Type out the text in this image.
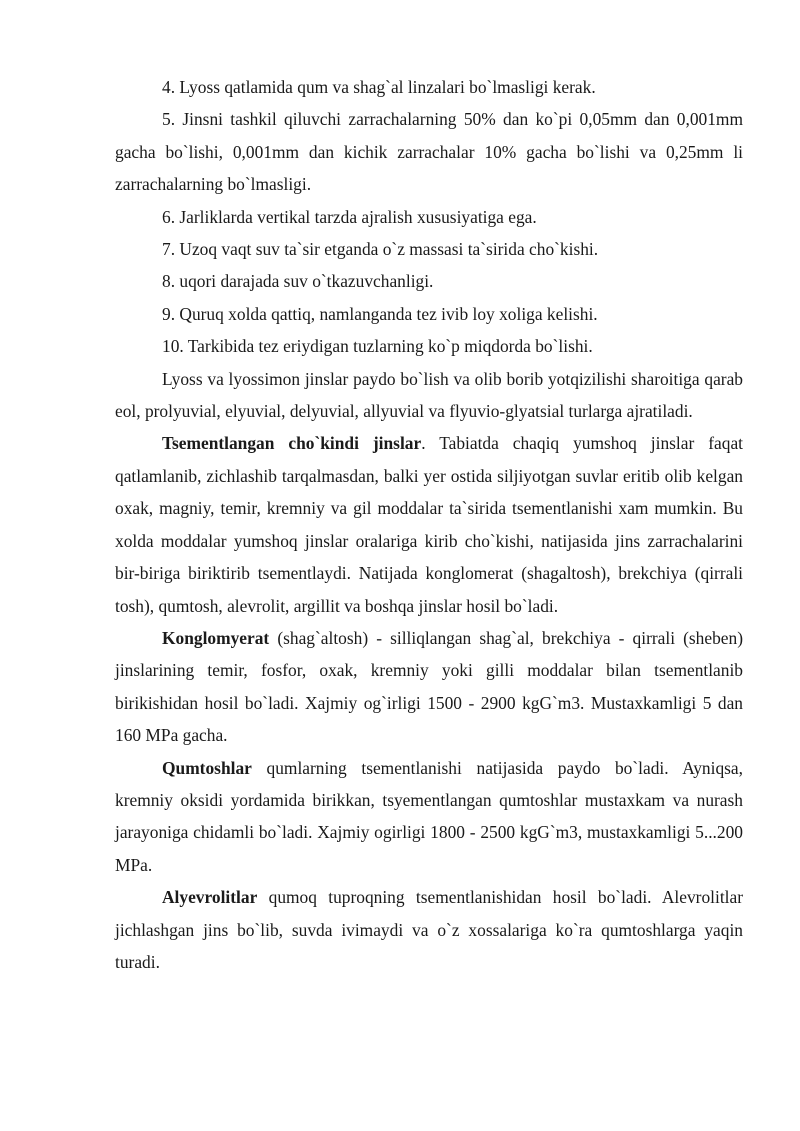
4. Lyoss qatlamida qum va shag`al linzalari bo`lmasligi kerak.

5. Jinsni tashkil qiluvchi zarrachalarning 50% dan ko`pi 0,05mm dan 0,001mm gacha bo`lishi, 0,001mm dan kichik zarrachalar 10% gacha bo`lishi va 0,25mm li zarrachalarning bo`lmasligi.

6. Jarliklarda vertikal tarzda ajralish xususiyatiga ega.

7. Uzoq vaqt suv ta`sir etganda o`z massasi ta`sirida cho`kishi.

8. uqori darajada suv o`tkazuvchanligi.

9. Quruq xolda qattiq, namlanganda tez ivib loy xoliga kelishi.

10. Tarkibida tez eriydigan tuzlarning ko`p miqdorda bo`lishi.

Lyoss va lyossimon jinslar paydo bo`lish va olib borib yotqizilishi sharoitiga qarab eol, prolyuvial, elyuvial, delyuvial, allyuvial va flyuvio-glyatsial turlarga ajratiladi.

Tsementlangan cho`kindi jinslar. Tabiatda chaqiq yumshoq jinslar faqat qatlamlanib, zichlashib tarqalmasdan, balki yer ostida siljiyotgan suvlar eritib olib kelgan oxak, magniy, temir, kremniy va gil moddalar ta`sirida tsementlanishi xam mumkin. Bu xolda moddalar yumshoq jinslar oralariga kirib cho`kishi, natijasida jins zarrachalarini bir-biriga biriktirib tsementlaydi. Natijada konglomerat (shagaltosh), brekchiya (qirrali tosh), qumtosh, alevrolit, argillit va boshqa jinslar hosil bo`ladi.

Konglomyerat (shag`altosh) - silliqlangan shag`al, brekchiya - qirrali (sheben) jinslarining temir, fosfor, oxak, kremniy yoki gilli moddalar bilan tsementlanib birikishidan hosil bo`ladi. Xajmiy og`irligi 1500 - 2900 kgG`m3. Mustaxkamligi 5 dan 160 MPa gacha.

Qumtoshlar qumlarning tsementlanishi natijasida paydo bo`ladi. Ayniqsa, kremniy oksidi yordamida birikkan, tsyementlangan qumtoshlar mustaxkam va nurash jarayoniga chidamli bo`ladi. Xajmiy ogirligi 1800 - 2500 kgG`m3, mustaxkamligi 5...200 MPa.

Alyevrolitlar qumoq tuproqning tsementlanishidan hosil bo`ladi. Alevrolitlar jichlashgan jins bo`lib, suvda ivimaydi va o`z xossalariga ko`ra qumtoshlarga yaqin turadi.
